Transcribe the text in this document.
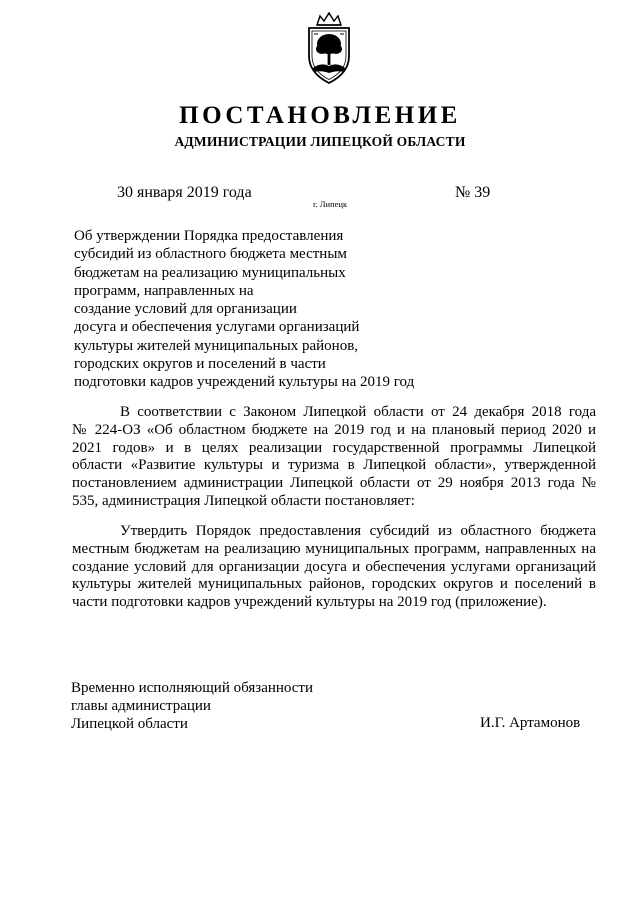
ПОСТАНОВЛЕНИЕ
АДМИНИСТРАЦИИ ЛИПЕЦКОЙ ОБЛАСТИ
30 января 2019 года
г. Липецк
№ 39
Об утверждении Порядка предоставления
субсидий из областного бюджета местным
бюджетам на реализацию муниципальных
программ, направленных на
создание условий для организации
досуга и обеспечения услугами организаций
культуры жителей муниципальных районов,
городских округов и поселений в части
подготовки кадров учреждений культуры на 2019 год
В соответствии с Законом Липецкой области от 24 декабря 2018 года
№ 224-ОЗ «Об областном бюджете на 2019 год и на плановый период 2020 и
2021 годов» и в целях реализации государственной программы Липецкой
области «Развитие культуры и туризма в Липецкой области», утвержденной
постановлением администрации Липецкой области от 29 ноября 2013 года №
535, администрация Липецкой области постановляет:
Утвердить Порядок предоставления субсидий из областного бюджета
местным бюджетам на реализацию муниципальных программ, направленных на
создание условий для организации досуга и обеспечения услугами организаций
культуры жителей муниципальных районов, городских округов и поселений в
части подготовки кадров учреждений культуры на 2019 год (приложение).
Временно исполняющий обязанности
главы администрации
Липецкой области	И.Г. Артамонов
